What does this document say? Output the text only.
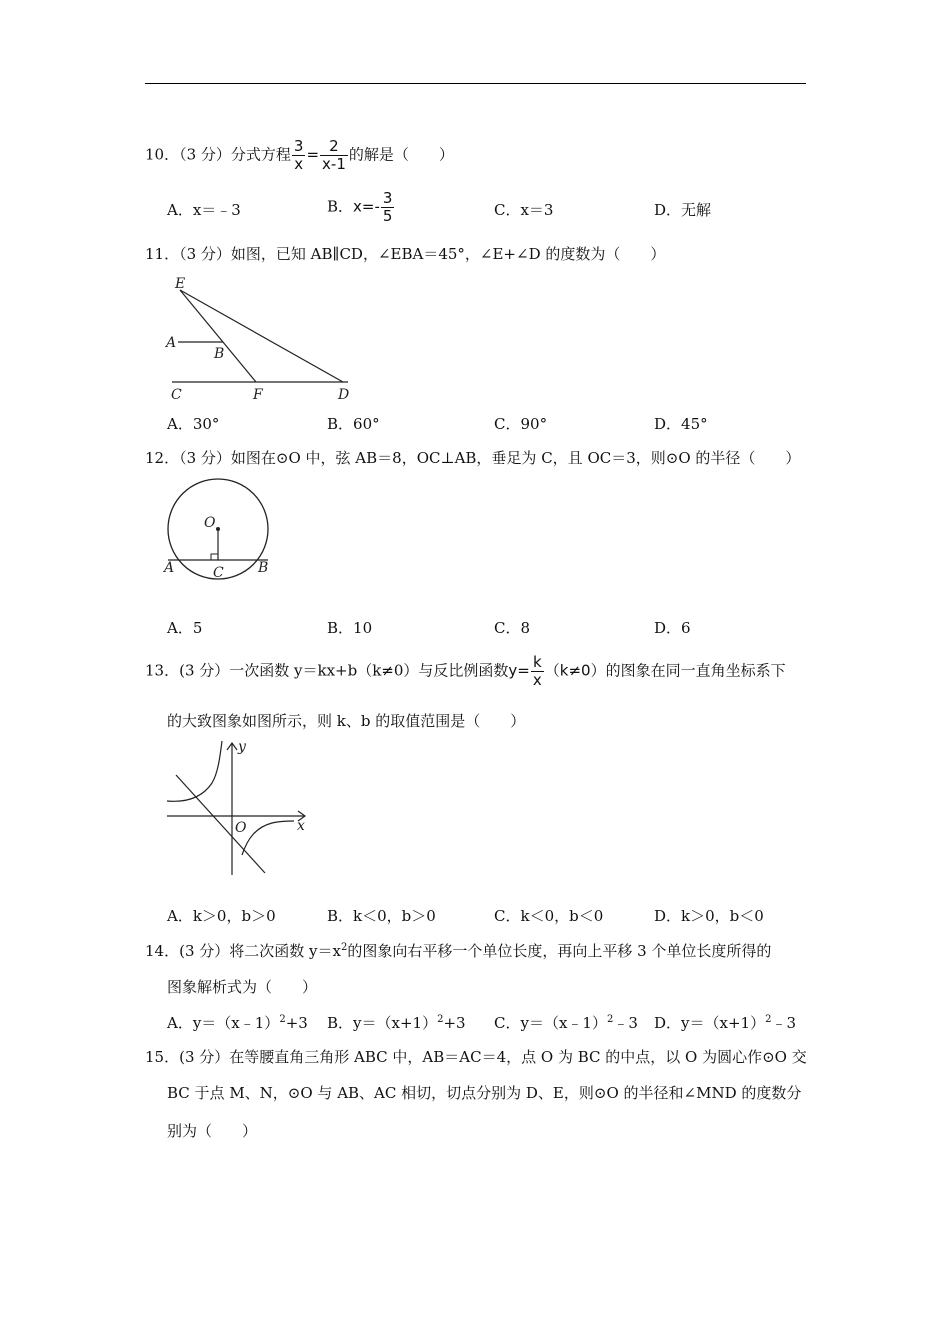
10．（3 分）分式方程 $\frac{3}{x} = \frac{2}{x-1}$ 的解是（　　）
A．x＝﹣3	B．$x=- \frac{3}{5}$	C．x＝3	D．无解
11．（3 分）如图，已知 AB∥CD，∠EBA＝45°，∠E+∠D 的度数为（　　）
E
A
B
C	F	D
A．30°	B．60°	C．90°	D．45°
12．（3 分）如图在⊙O 中，弦 AB＝8，OC⊥AB，垂足为 C，且 OC＝3，则⊙O 的半径（　　）
O
A	C B
A．5	B．10	C．8	D．6
13．(3 分）一次函数 y＝kx+b（k≠0）与反比例函数$y= \frac{k}{x} (k\ne 0)$的图象在同一直角坐标系下
的大致图象如图所示，则 k、b 的取值范围是（　　）
y
O	x
A．k＞0，b＞0	B．k＜0，b＞0	C．k＜0，b＜0	D．k＞0，b＜0
14．(3 分）将二次函数 $y=x^2$的图象向右平移一个单位长度，再向上平移 3 个单位长度所得的
图象解析式为（　　）
A．y＝（x﹣1）$^2$+3 B．$y=(x+1)^2+3$ C．y＝（x﹣1）$^2$﹣3 D．$y=(x+1)^2﹣3$
15．(3 分）在等腰直角三角形 ABC 中，AB＝AC＝4，点 O 为 BC 的中点，以 O 为圆心作⊙O 交
BC 于点 M、N，⊙O 与 AB、AC 相切，切点分别为 D、E，则⊙O 的半径和∠MND 的度数分
别为（　　）
